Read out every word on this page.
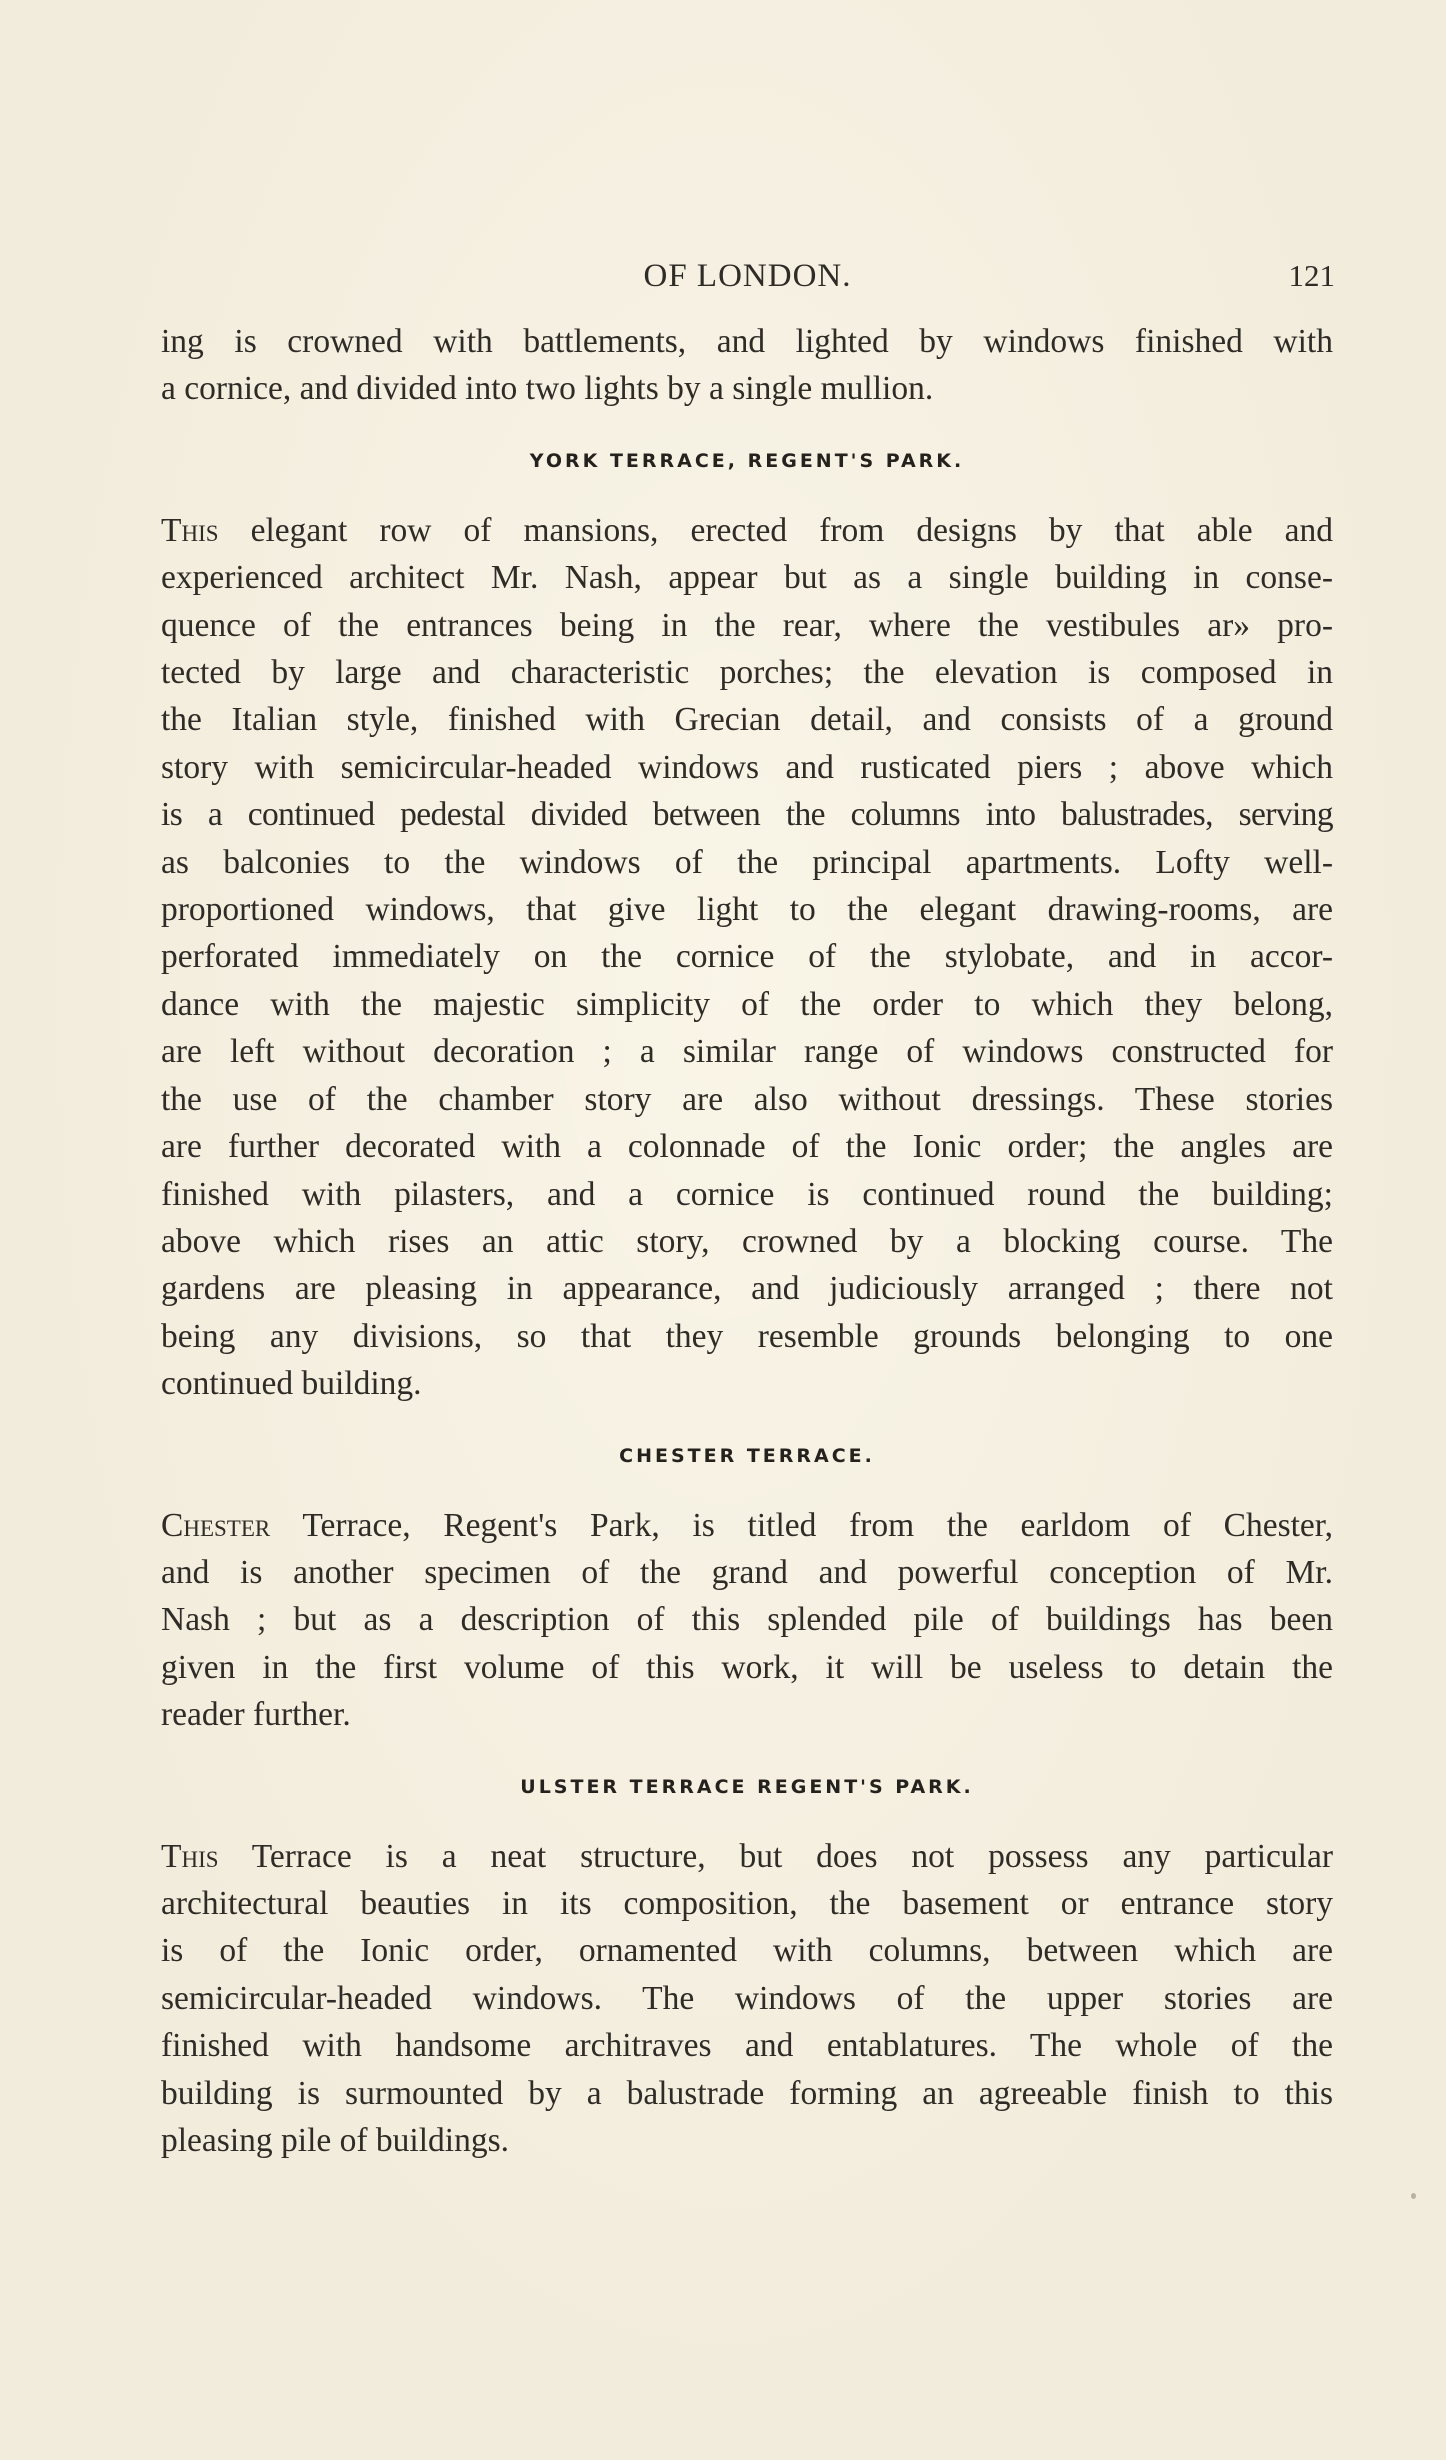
OF LONDON.	121

ing is crowned with battlements, and lighted by windows finished with
a cornice, and divided into two lights by a single mullion.

YORK TERRACE, REGENT'S PARK.

This elegant row of mansions, erected from designs by that able and
experienced architect Mr. Nash, appear but as a single building in conse-
quence of the entrances being in the rear, where the vestibules ar» pro-
tected by large and characteristic porches; the elevation is composed in
the Italian style, finished with Grecian detail, and consists of a ground
story with semicircular-headed windows and rusticated piers ; above which
is a continued pedestal divided between the columns into balustrades, serving
as balconies to the windows of the principal apartments. Lofty well-
proportioned windows, that give light to the elegant drawing-rooms, are
perforated immediately on the cornice of the stylobate, and in accor-
dance with the majestic simplicity of the order to which they belong,
are left without decoration ; a similar range of windows constructed for
the use of the chamber story are also without dressings. These stories
are further decorated with a colonnade of the Ionic order; the angles are
finished with pilasters, and a cornice is continued round the building;
above which rises an attic story, crowned by a blocking course. The
gardens are pleasing in appearance, and judiciously arranged ; there not
being any divisions, so that they resemble grounds belonging to one
continued building.

CHESTER TERRACE.

Chester Terrace, Regent's Park, is titled from the earldom of Chester,
and is another specimen of the grand and powerful conception of Mr.
Nash ; but as a description of this splended pile of buildings has been
given in the first volume of this work, it will be useless to detain the
reader further.

ULSTER TERRACE REGENT'S PARK.

This Terrace is a neat structure, but does not possess any particular
architectural beauties in its composition, the basement or entrance story
is of the Ionic order, ornamented with columns, between which are
semicircular-headed windows. The windows of the upper stories are
finished with handsome architraves and entablatures. The whole of the
building is surmounted by a balustrade forming an agreeable finish to this
pleasing pile of buildings.
